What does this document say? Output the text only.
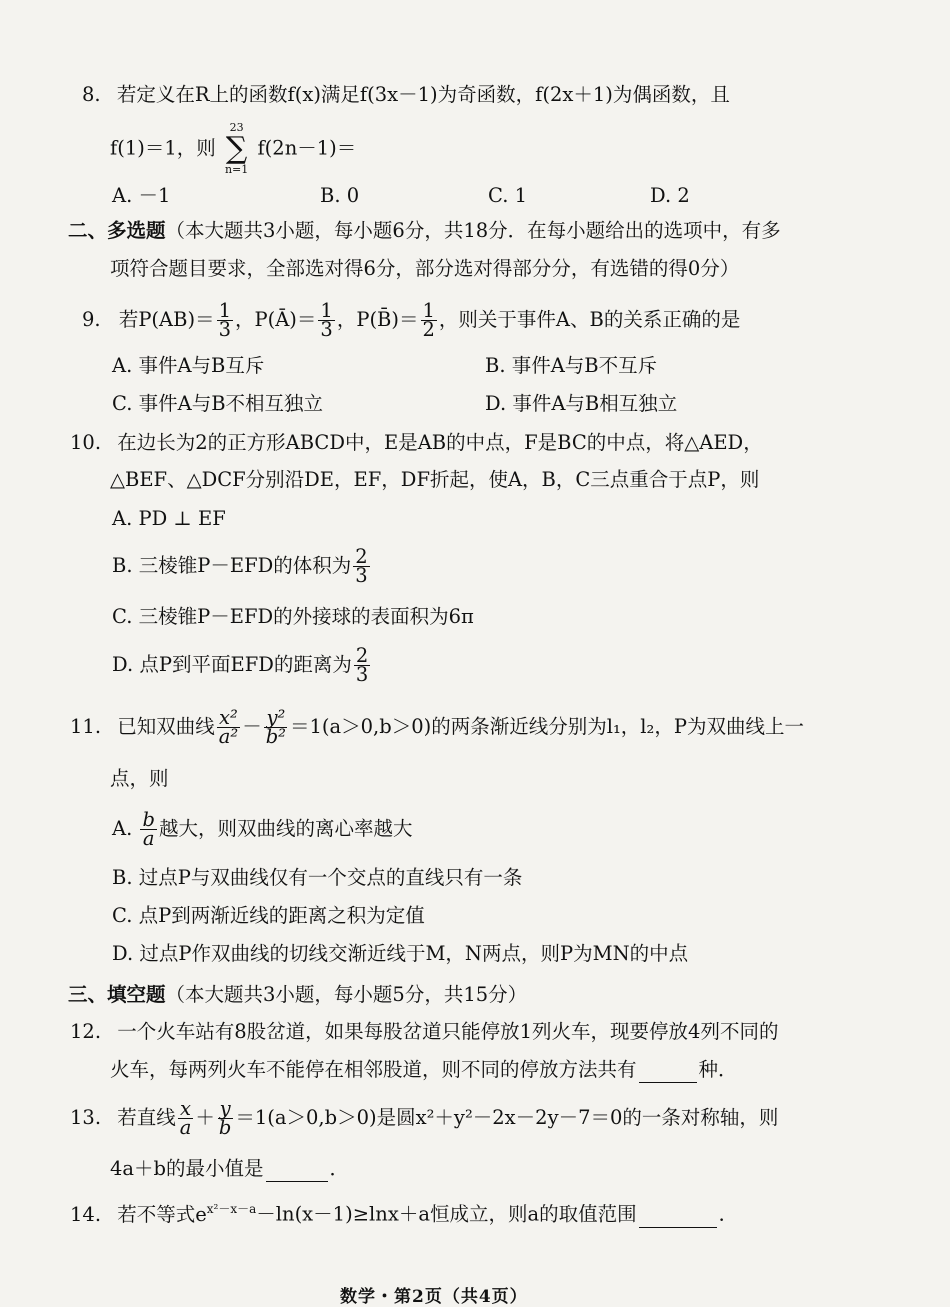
8. 若定义在R上的函数f(x)满足f(3x－1)为奇函数，f(2x＋1)为偶函数，且
f(1)＝1，则
23
∑
n=1
f(2n－1)＝
A. －1	B. 0	C. 1	D. 2
二、多选题（本大题共3小题，每小题6分，共18分．在每小题给出的选项中，有多
项符合题目要求，全部选对得6分，部分选对得部分分，有选错的得0分）
9. 若$P(AB)= \frac{1}{3}$ ，P(Ā)＝ $\frac{1}{3}$ ，P(B̄)＝ $\frac{1}{2}$ ，则关于事件A、B的关系正确的是
A. 事件A与B互斥	B. 事件A与B不互斥
C. 事件A与B不相互独立	D. 事件A与B相互独立
10. 在边长为2的正方形ABCD中，E是AB的中点，F是BC的中点，将△AED，
△BEF、△DCF分别沿DE，EF，DF折起，使A，B，C三点重合于点P，则
A. PD ⊥ EF
B. 三棱锥P－EFD的体积为 $\frac{2}{3}$
C. 三棱锥P－EFD的外接球的表面积为6π
D. 点P到平面EFD的距离为 $\frac{2}{3}$
11. 已知双曲线 $\frac{\text{x²}}{\text{a²}} - \frac{\text{y²}}{\text{b²}} =1(a>0,b>0)$的两条渐近线分别为l₁，l₂，P为双曲线上一
点，则
A. $\frac{b}{a}$ 越大，则双曲线的离心率越大
B. 过点P与双曲线仅有一个交点的直线只有一条
C. 点P到两渐近线的距离之积为定值
D. 过点P作双曲线的切线交渐近线于M，N两点，则P为MN的中点
三、填空题（本大题共3小题，每小题5分，共15分）
12. 一个火车站有8股岔道，如果每股岔道只能停放1列火车，现要停放4列不同的
火车，每两列火车不能停在相邻股道，则不同的停放方法共有	种．
13. 若直线 $\frac{x}{a} + \frac{y}{b} =1(a>0,b>0)$是圆x²＋y²－2x－2y－7＝0的一条对称轴，则
4a＋b的最小值是	．
14. 若不等式$e^{x^2-x-a}-\ln(x-1)\ge\ln x+a$恒成立，则a的取值范围	．
数学・第2页（共4页）
